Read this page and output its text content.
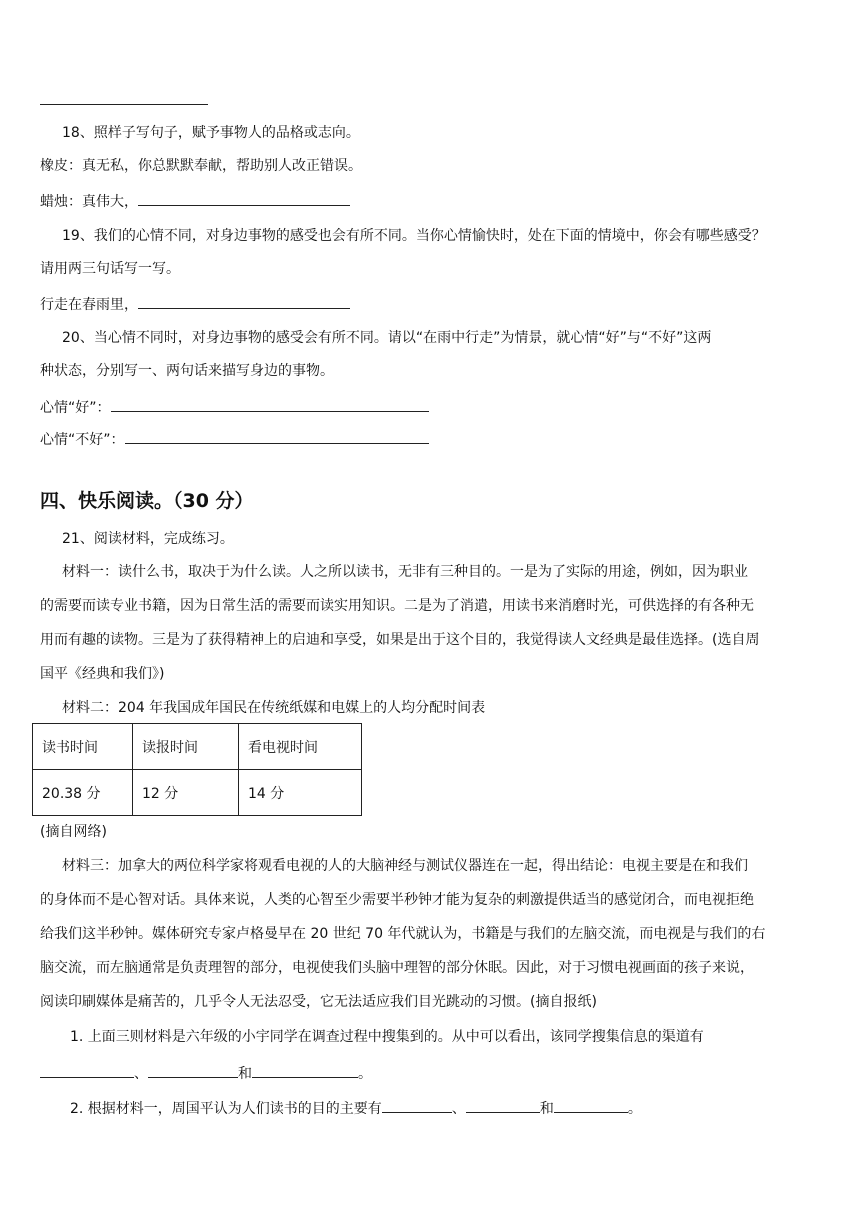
18、照样子写句子，赋予事物人的品格或志向。
橡皮：真无私，你总默默奉献，帮助别人改正错误。
蜡烛：真伟大，
19、我们的心情不同，对身边事物的感受也会有所不同。当你心情愉快时，处在下面的情境中，你会有哪些感受？
请用两三句话写一写。
行走在春雨里，
20、当心情不同时，对身边事物的感受会有所不同。请以“在雨中行走”为情景，就心情“好”与“不好”这两
种状态，分别写一、两句话来描写身边的事物。
心情“好”：
心情“不好”：
四、快乐阅读。（30 分）
21、阅读材料，完成练习。
材料一：读什么书，取决于为什么读。人之所以读书，无非有三种目的。一是为了实际的用途，例如，因为职业
的需要而读专业书籍，因为日常生活的需要而读实用知识。二是为了消遣，用读书来消磨时光，可供选择的有各种无
用而有趣的读物。三是为了获得精神上的启迪和享受，如果是出于这个目的，我觉得读人文经典是最佳选择。(选自周
国平《经典和我们》)
材料二：204 年我国成年国民在传统纸媒和电媒上的人均分配时间表
读书时间	读报时间	看电视时间
20.38 分	12 分	14 分
(摘自网络)
材料三：加拿大的两位科学家将观看电视的人的大脑神经与测试仪器连在一起，得出结论：电视主要是在和我们
的身体而不是心智对话。具体来说，人类的心智至少需要半秒钟才能为复杂的刺激提供适当的感觉闭合，而电视拒绝
给我们这半秒钟。媒体研究专家卢格曼早在 20 世纪 70 年代就认为，书籍是与我们的左脑交流，而电视是与我们的右
脑交流，而左脑通常是负责理智的部分，电视使我们头脑中理智的部分休眠。因此，对于习惯电视画面的孩子来说，
阅读印刷媒体是痛苦的，几乎令人无法忍受，它无法适应我们目光跳动的习惯。(摘自报纸)
1. 上面三则材料是六年级的小宇同学在调查过程中搜集到的。从中可以看出，该同学搜集信息的渠道有
、	和	。
2. 根据材料一，周国平认为人们读书的目的主要有	、	和	。
